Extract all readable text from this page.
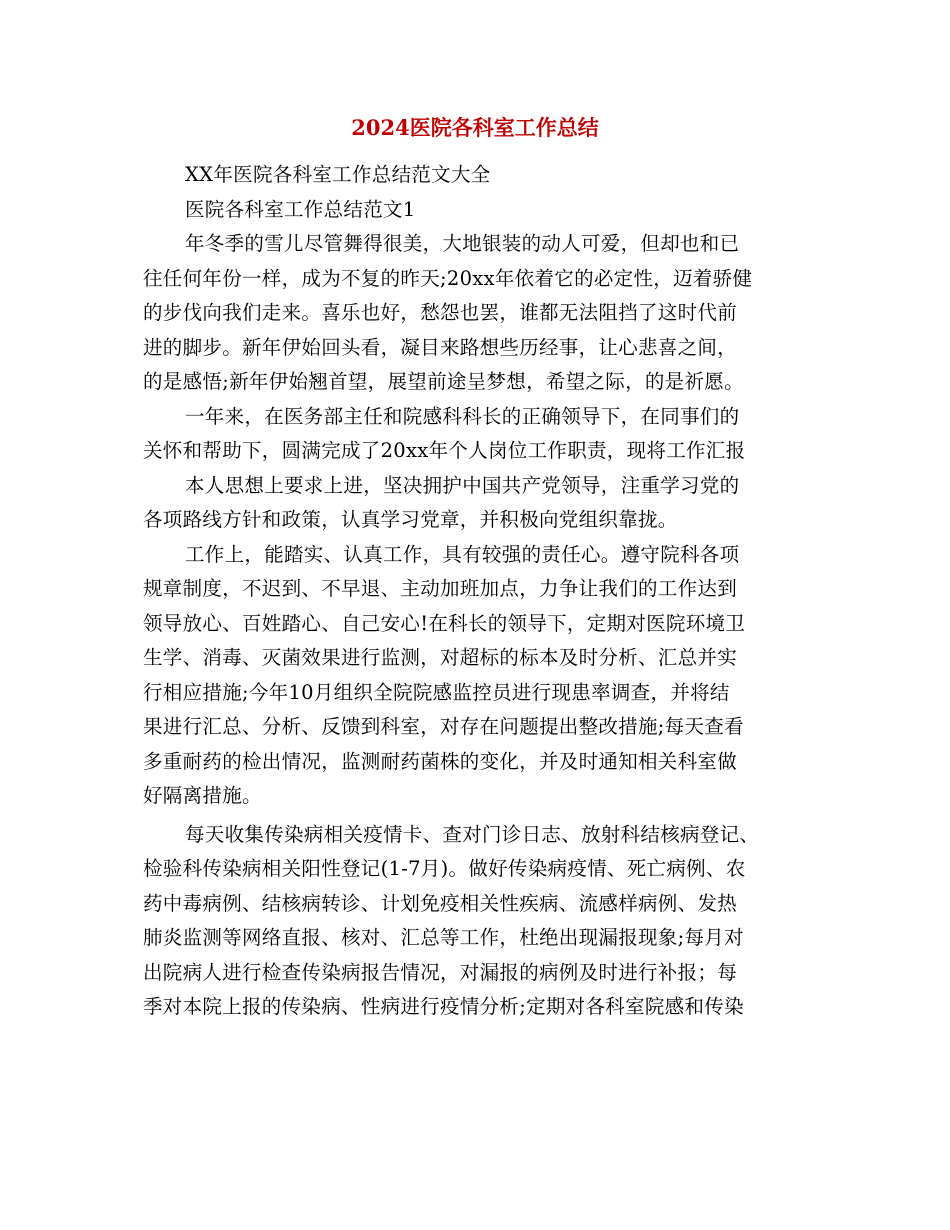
2024医院各科室工作总结
XX年医院各科室工作总结范文大全
医院各科室工作总结范文1
年冬季的雪儿尽管舞得很美，大地银装的动人可爱，但却也和已
往任何年份一样，成为不复的昨天;20xx年依着它的必定性，迈着骄健
的步伐向我们走来。喜乐也好，愁怨也罢，谁都无法阻挡了这时代前
进的脚步。新年伊始回头看，凝目来路想些历经事，让心悲喜之间，
的是感悟;新年伊始翘首望，展望前途呈梦想，希望之际，的是祈愿。
一年来，在医务部主任和院感科科长的正确领导下，在同事们的
关怀和帮助下，圆满完成了20xx年个人岗位工作职责，现将工作汇报
本人思想上要求上进，坚决拥护中国共产党领导，注重学习党的
各项路线方针和政策，认真学习党章，并积极向党组织靠拢。
工作上，能踏实、认真工作，具有较强的责任心。遵守院科各项
规章制度，不迟到、不早退、主动加班加点，力争让我们的工作达到
领导放心、百姓踏心、自己安心!在科长的领导下，定期对医院环境卫
生学、消毒、灭菌效果进行监测，对超标的标本及时分析、汇总并实
行相应措施;今年10月组织全院院感监控员进行现患率调查，并将结
果进行汇总、分析、反馈到科室，对存在问题提出整改措施;每天查看
多重耐药的检出情况，监测耐药菌株的变化，并及时通知相关科室做
好隔离措施。
每天收集传染病相关疫情卡、查对门诊日志、放射科结核病登记、
检验科传染病相关阳性登记(1-7月)。做好传染病疫情、死亡病例、农
药中毒病例、结核病转诊、计划免疫相关性疾病、流感样病例、发热
肺炎监测等网络直报、核对、汇总等工作，杜绝出现漏报现象;每月对
出院病人进行检查传染病报告情况，对漏报的病例及时进行补报；每
季对本院上报的传染病、性病进行疫情分析;定期对各科室院感和传染
